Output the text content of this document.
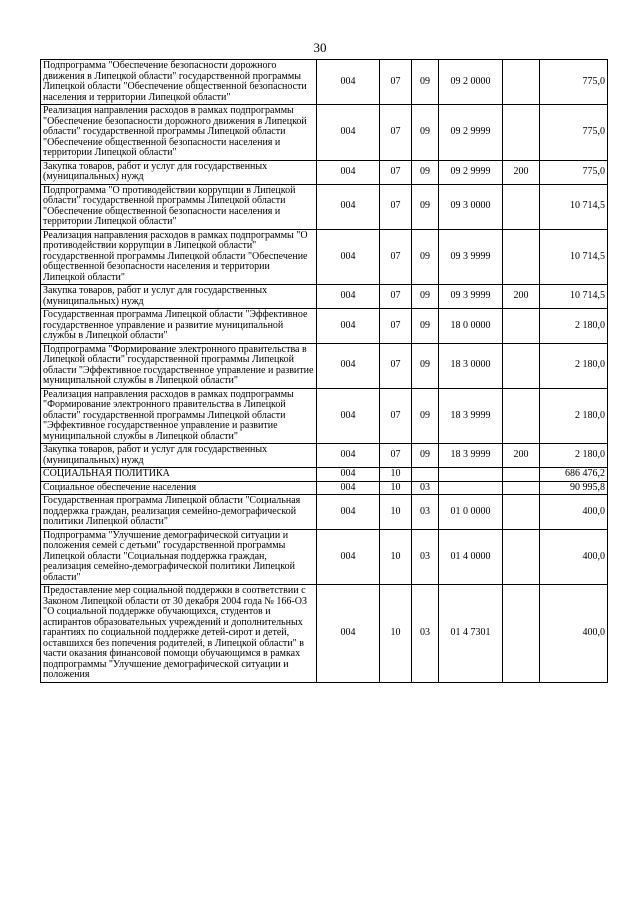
30
Подпрограмма "Обеспечение безопасности дорожного движения в Липецкой области" государственной программы Липецкой области "Обеспечение общественной безопасности населения и территории Липецкой области"	004	07	09	09 2 0000		775,0
Реализация направления расходов в рамках подпрограммы "Обеспечение безопасности дорожного движения в Липецкой области" государственной программы Липецкой области "Обеспечение общественной безопасности населения и территории Липецкой области"	004	07	09	09 2 9999		775,0
Закупка товаров, работ и услуг для государственных (муниципальных) нужд	004	07	09	09 2 9999	200	775,0
Подпрограмма "О противодействии коррупции в Липецкой области" государственной программы Липецкой области "Обеспечение общественной безопасности населения и территории Липецкой области"	004	07	09	09 3 0000		10 714,5
Реализация направления расходов в рамках подпрограммы "О противодействии коррупции в Липецкой области" государственной программы Липецкой области "Обеспечение общественной безопасности населения и территории Липецкой области"	004	07	09	09 3 9999		10 714,5
Закупка товаров, работ и услуг для государственных (муниципальных) нужд	004	07	09	09 3 9999	200	10 714,5
Государственная программа Липецкой области "Эффективное государственное управление и развитие муниципальной службы в Липецкой области"	004	07	09	18 0 0000		2 180,0
Подпрограмма "Формирование электронного правительства в Липецкой области" государственной программы Липецкой области "Эффективное государственное управление и развитие муниципальной службы в Липецкой области"	004	07	09	18 3 0000		2 180,0
Реализация направления расходов в рамках подпрограммы "Формирование электронного правительства в Липецкой области" государственной программы Липецкой области "Эффективное государственное управление и развитие муниципальной службы в Липецкой области"	004	07	09	18 3 9999		2 180,0
Закупка товаров, работ и услуг для государственных (муниципальных) нужд	004	07	09	18 3 9999	200	2 180,0
СОЦИАЛЬНАЯ ПОЛИТИКА	004	10				686 476,2
Социальное обеспечение населения	004	10	03			90 995,8
Государственная программа Липецкой области "Социальная поддержка граждан, реализация семейно-демографической политики Липецкой области"	004	10	03	01 0 0000		400,0
Подпрограмма "Улучшение демографической ситуации и положения семей с детьми" государственной программы Липецкой области "Социальная поддержка граждан, реализация семейно-демографической политики Липецкой области"	004	10	03	01 4 0000		400,0
Предоставление мер социальной поддержки в соответствии с Законом Липецкой области от 30 декабря 2004 года № 166-ОЗ "О социальной поддержке обучающихся, студентов и аспирантов образовательных учреждений и дополнительных гарантиях по социальной поддержке детей-сирот и детей, оставшихся без попечения родителей, в Липецкой области" в части оказания финансовой помощи обучающимся в рамках подпрограммы "Улучшение демографической ситуации и положения	004	10	03	01 4 7301		400,0
